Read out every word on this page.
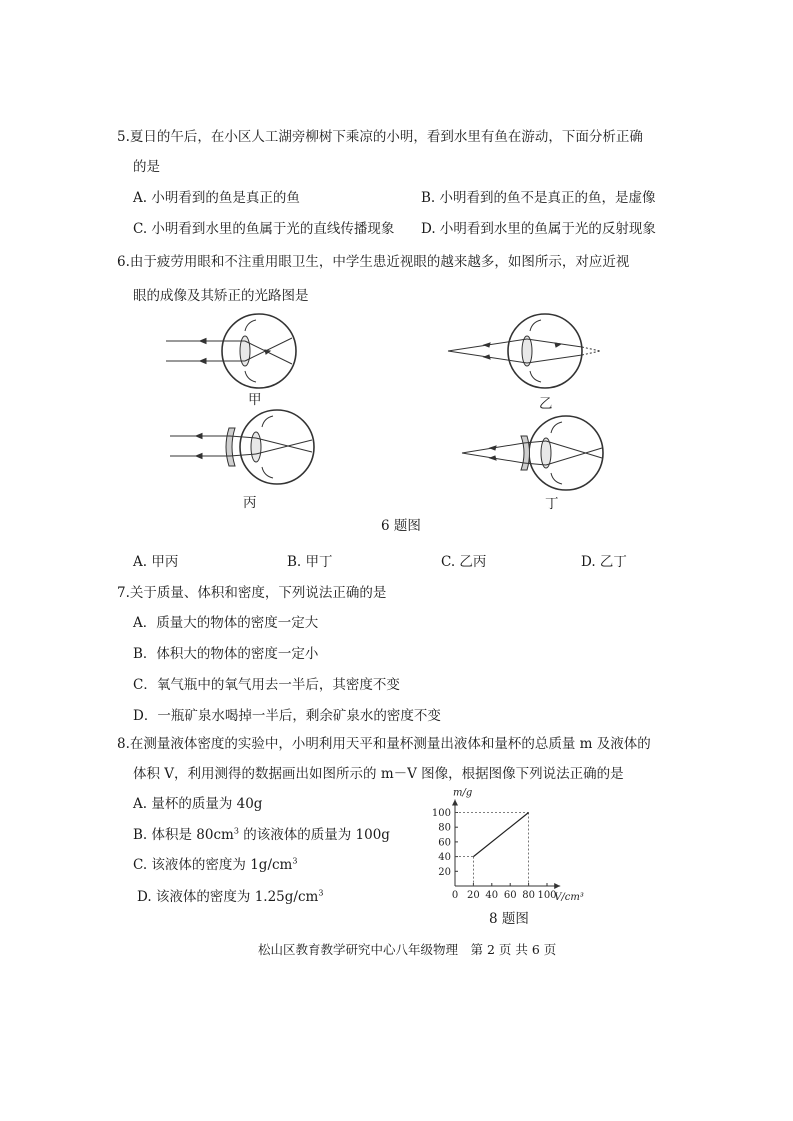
5.夏日的午后，在小区人工湖旁柳树下乘凉的小明，看到水里有鱼在游动，下面分析正确
的是
A. 小明看到的鱼是真正的鱼	B. 小明看到的鱼不是真正的鱼，是虚像
C. 小明看到水里的鱼属于光的直线传播现象 D. 小明看到水里的鱼属于光的反射现象
6.由于疲劳用眼和不注重用眼卫生，中学生患近视眼的越来越多，如图所示，对应近视
眼的成像及其矫正的光路图是
甲	乙
丙	丁
6 题图
A. 甲丙	B. 甲丁	C. 乙丙	D. 乙丁
7.关于质量、体积和密度，下列说法正确的是
A．质量大的物体的密度一定大
B．体积大的物体的密度一定小
C．氧气瓶中的氧气用去一半后，其密度不变
D．一瓶矿泉水喝掉一半后，剩余矿泉水的密度不变
8.在测量液体密度的实验中，小明利用天平和量杯测量出液体和量杯的总质量 m 及液体的
体积 V，利用测得的数据画出如图所示的 m－V 图像，根据图像下列说法正确的是
A. 量杯的质量为 40g
B. 体积是 $80cm^3$ 的该液体的质量为 100g
C. 该液体的密度为 $1g/cm^3$
D. 该液体的密度为 $1.25g/cm^3$	0 20 40 60 80 100
20
40
60
80
100
m/g
V/cm³
8 题图
松山区教育教学研究中心八年级物理　第 2 页 共 6 页
